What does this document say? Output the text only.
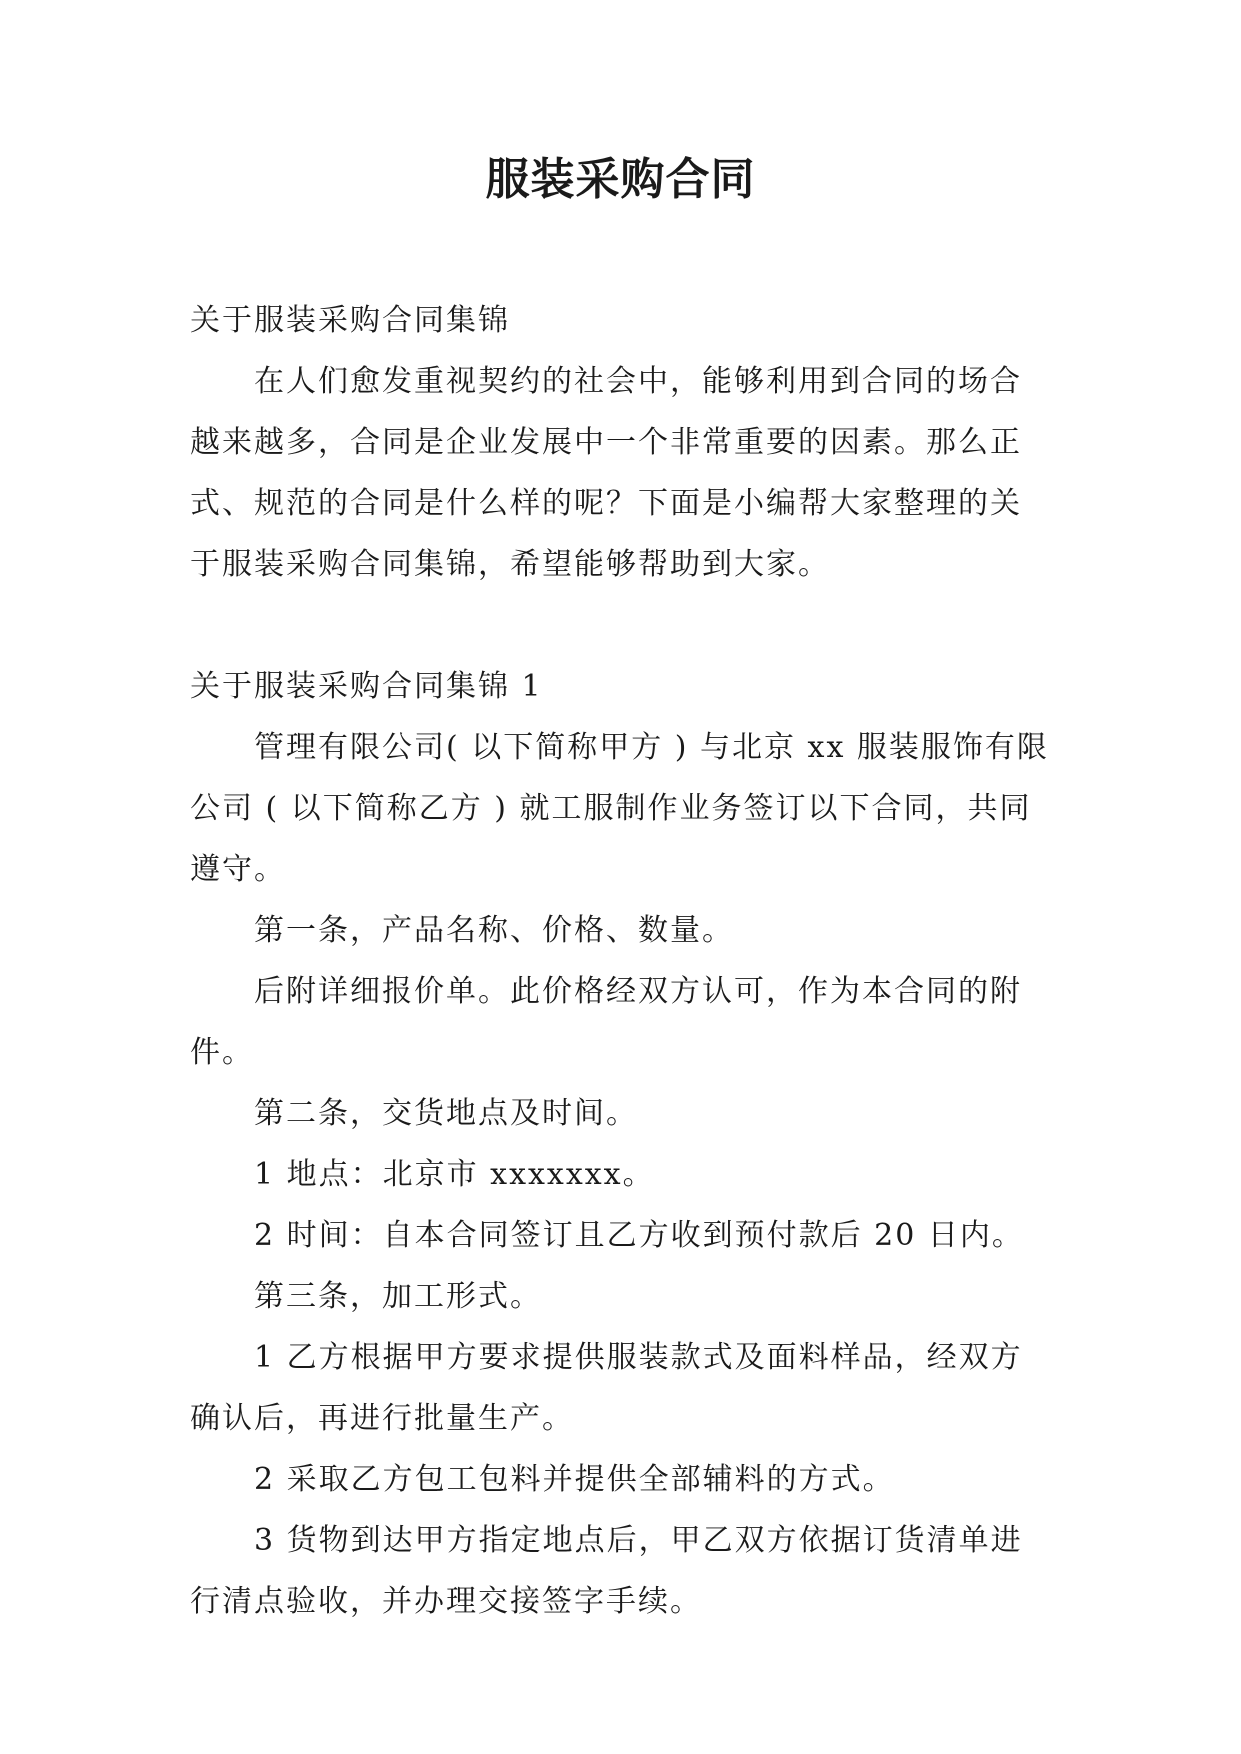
服装采购合同

关于服装采购合同集锦

在人们愈发重视契约的社会中，能够利用到合同的场合越来越多，合同是企业发展中一个非常重要的因素。那么正式、规范的合同是什么样的呢？下面是小编帮大家整理的关于服装采购合同集锦，希望能够帮助到大家。

关于服装采购合同集锦 1

管理有限公司( 以下简称甲方 ) 与北京 xx 服装服饰有限公司 ( 以下简称乙方 ) 就工服制作业务签订以下合同，共同遵守。

第一条，产品名称、价格、数量。

后附详细报价单。此价格经双方认可，作为本合同的附件。

第二条，交货地点及时间。

1 地点：北京市 xxxxxxx。

2 时间：自本合同签订且乙方收到预付款后 20 日内。

第三条，加工形式。

1 乙方根据甲方要求提供服装款式及面料样品，经双方确认后，再进行批量生产。

2 采取乙方包工包料并提供全部辅料的方式。

3 货物到达甲方指定地点后，甲乙双方依据订货清单进行清点验收，并办理交接签字手续。
